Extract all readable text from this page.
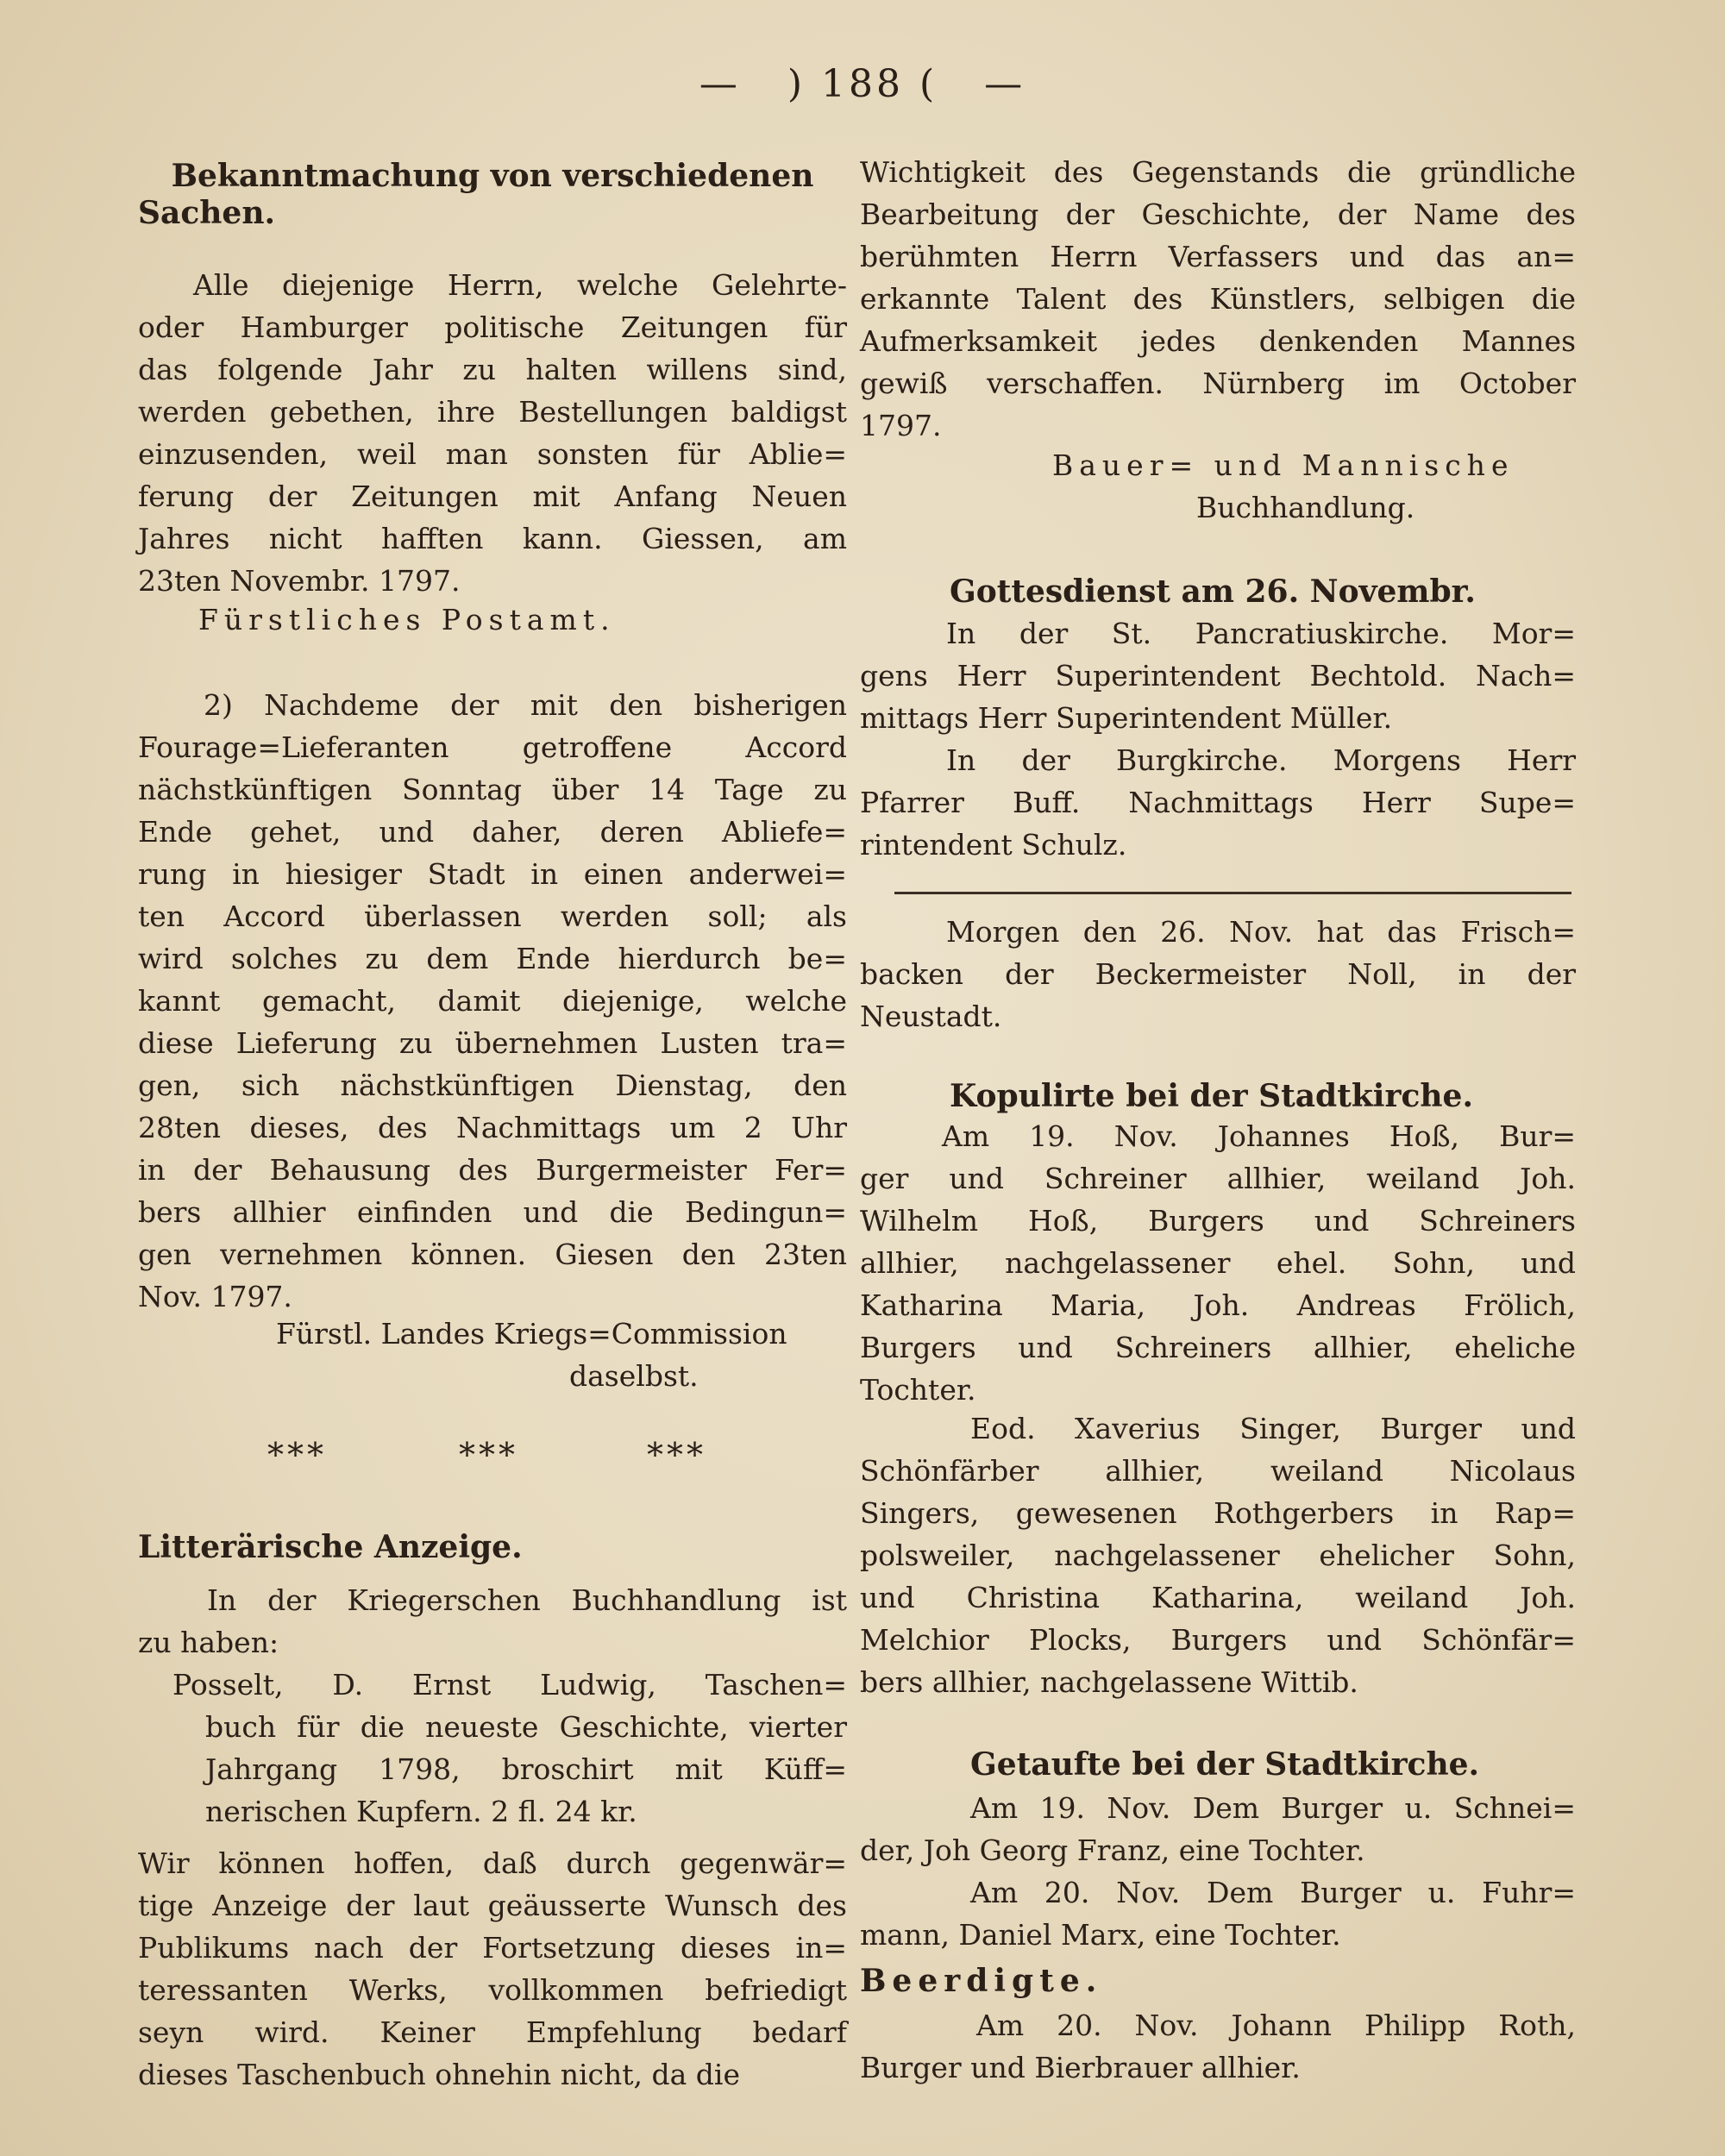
— ) 188 ( —
Bekanntmachung von verschiedenen
Sachen.
Alle diejenige Herrn, welche Gelehrte-
oder Hamburger politische Zeitungen für
das folgende Jahr zu halten willens sind,
werden gebethen, ihre Bestellungen baldigst
einzusenden, weil man sonsten für Ablie=
ferung der Zeitungen mit Anfang Neuen
Jahres nicht hafften kann. Giessen, am
23ten Novembr. 1797.
Fürstliches Postamt.
2) Nachdeme der mit den bisherigen
Fourage=Lieferanten getroffene Accord
nächstkünftigen Sonntag über 14 Tage zu
Ende gehet, und daher, deren Abliefe=
rung in hiesiger Stadt in einen anderwei=
ten Accord überlassen werden soll; als
wird solches zu dem Ende hierdurch be=
kannt gemacht, damit diejenige, welche
diese Lieferung zu übernehmen Lusten tra=
gen, sich nächstkünftigen Dienstag, den
28ten dieses, des Nachmittags um 2 Uhr
in der Behausung des Burgermeister Fer=
bers allhier einfinden und die Bedingun=
gen vernehmen können. Giesen den 23ten
Nov. 1797.
Fürstl. Landes Kriegs=Commission
daselbst.
***	***	***
Litterärische Anzeige.
In der Kriegerschen Buchhandlung ist
zu haben:
Posselt, D. Ernst Ludwig, Taschen=
buch für die neueste Geschichte, vierter
Jahrgang 1798, broschirt mit Küff=
nerischen Kupfern. 2 fl. 24 kr.
Wir können hoffen, daß durch gegenwär=
tige Anzeige der laut geäusserte Wunsch des
Publikums nach der Fortsetzung dieses in=
teressanten Werks, vollkommen befriedigt
seyn wird. Keiner Empfehlung bedarf
dieses Taschenbuch ohnehin nicht, da die
Wichtigkeit des Gegenstands die gründliche
Bearbeitung der Geschichte, der Name des
berühmten Herrn Verfassers und das an=
erkannte Talent des Künstlers, selbigen die
Aufmerksamkeit jedes denkenden Mannes
gewiß verschaffen. Nürnberg im October
1797.
Bauer= und Mannische
Buchhandlung.
Gottesdienst am 26. Novembr.
In der St. Pancratiuskirche. Mor=
gens Herr Superintendent Bechtold. Nach=
mittags Herr Superintendent Müller.
In der Burgkirche. Morgens Herr
Pfarrer Buff. Nachmittags Herr Supe=
rintendent Schulz.
Morgen den 26. Nov. hat das Frisch=
backen der Beckermeister Noll, in der
Neustadt.
Kopulirte bei der Stadtkirche.
Am 19. Nov. Johannes Hoß, Bur=
ger und Schreiner allhier, weiland Joh.
Wilhelm Hoß, Burgers und Schreiners
allhier, nachgelassener ehel. Sohn, und
Katharina Maria, Joh. Andreas Frölich,
Burgers und Schreiners allhier, eheliche
Tochter.
Eod. Xaverius Singer, Burger und
Schönfärber allhier, weiland Nicolaus
Singers, gewesenen Rothgerbers in Rap=
polsweiler, nachgelassener ehelicher Sohn,
und Christina Katharina, weiland Joh.
Melchior Plocks, Burgers und Schönfär=
bers allhier, nachgelassene Wittib.
Getaufte bei der Stadtkirche.
Am 19. Nov. Dem Burger u. Schnei=
der, Joh Georg Franz, eine Tochter.
Am 20. Nov. Dem Burger u. Fuhr=
mann, Daniel Marx, eine Tochter.
Beerdigte.
Am 20. Nov. Johann Philipp Roth,
Burger und Bierbrauer allhier.
